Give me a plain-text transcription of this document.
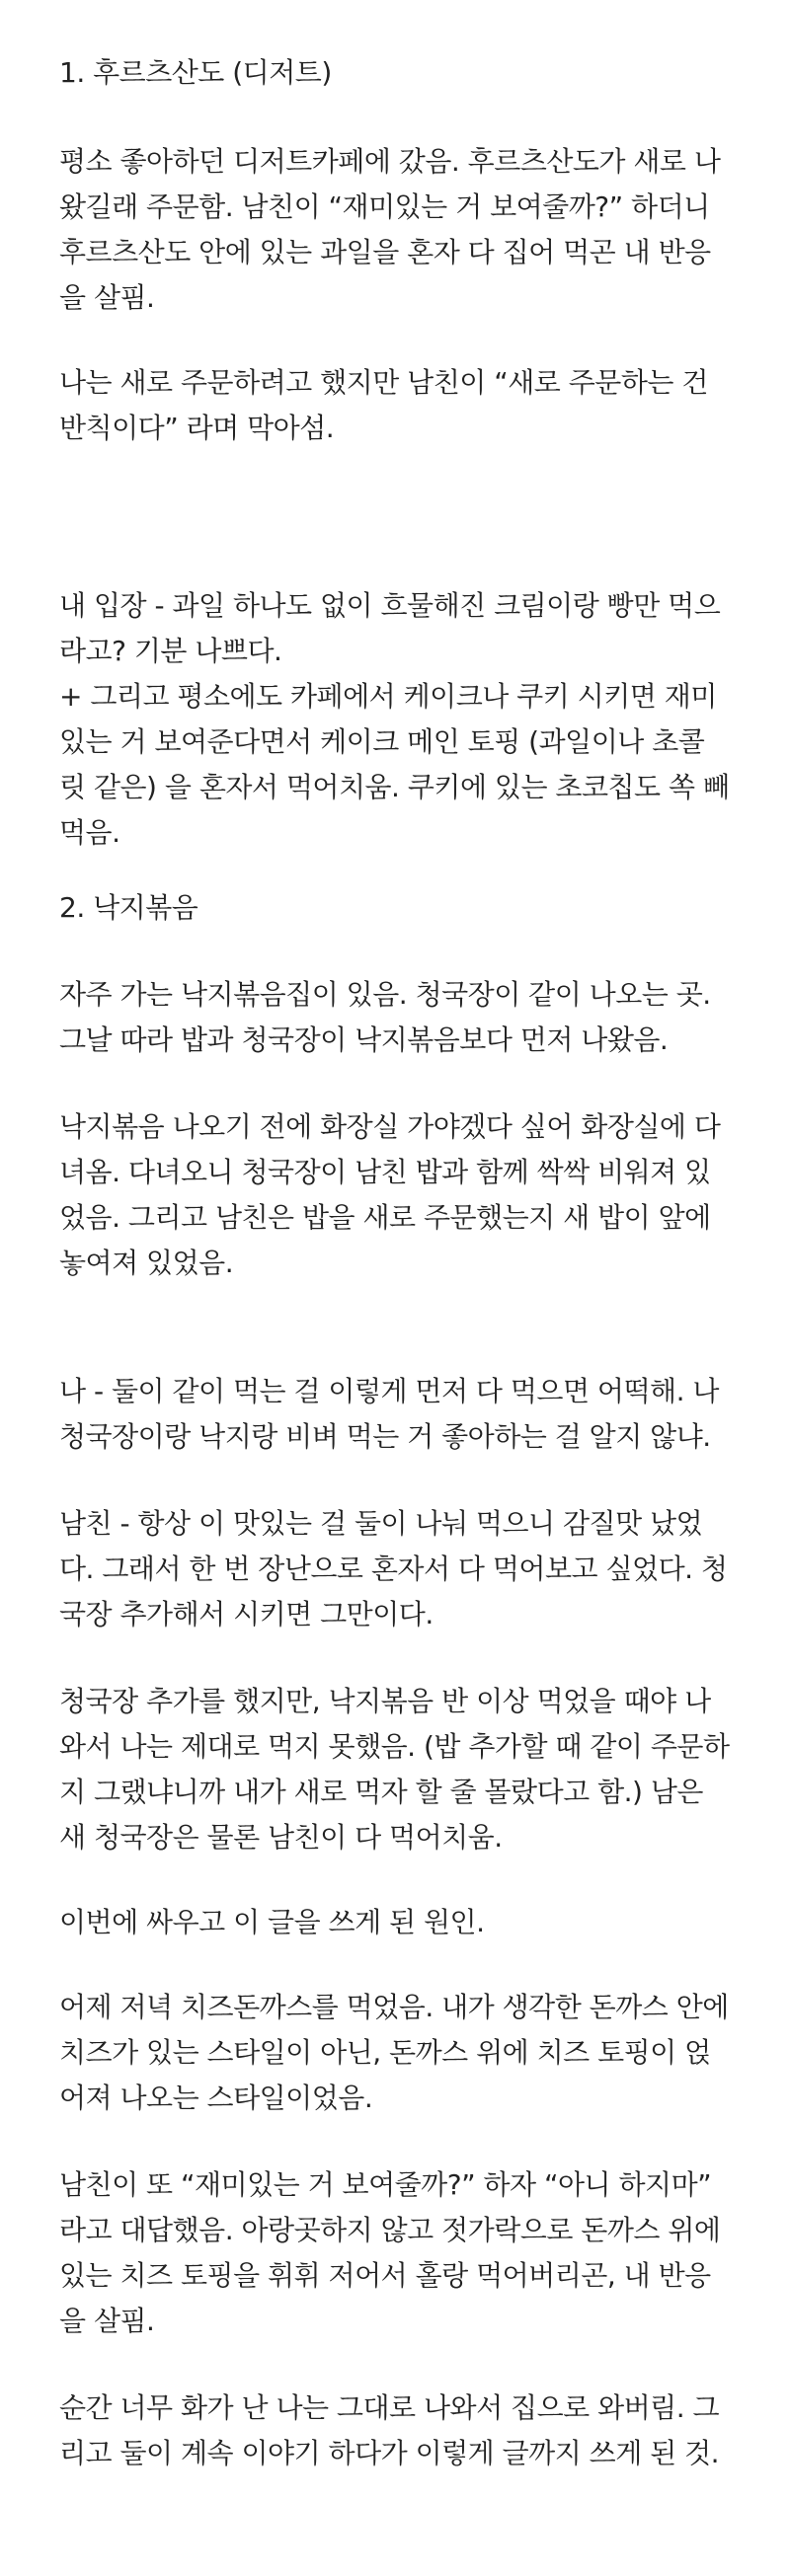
1. 후르츠산도 (디저트)
평소 좋아하던 디저트카페에 갔음. 후르츠산도가 새로 나
왔길래 주문함. 남친이 “재미있는 거 보여줄까?” 하더니
후르츠산도 안에 있는 과일을 혼자 다 집어 먹곤 내 반응
을 살핌.
나는 새로 주문하려고 했지만 남친이 “새로 주문하는 건
반칙이다” 라며 막아섬.
내 입장 - 과일 하나도 없이 흐물해진 크림이랑 빵만 먹으
라고? 기분 나쁘다.
+ 그리고 평소에도 카페에서 케이크나 쿠키 시키면 재미
있는 거 보여준다면서 케이크 메인 토핑 (과일이나 초콜
릿 같은) 을 혼자서 먹어치움. 쿠키에 있는 초코칩도 쏙 빼
먹음.
2. 낙지볶음
자주 가는 낙지볶음집이 있음. 청국장이 같이 나오는 곳.
그날 따라 밥과 청국장이 낙지볶음보다 먼저 나왔음.
낙지볶음 나오기 전에 화장실 가야겠다 싶어 화장실에 다
녀옴. 다녀오니 청국장이 남친 밥과 함께 싹싹 비워져 있
었음. 그리고 남친은 밥을 새로 주문했는지 새 밥이 앞에
놓여져 있었음.
나 - 둘이 같이 먹는 걸 이렇게 먼저 다 먹으면 어떡해. 나
청국장이랑 낙지랑 비벼 먹는 거 좋아하는 걸 알지 않냐.
남친 - 항상 이 맛있는 걸 둘이 나눠 먹으니 감질맛 났었
다. 그래서 한 번 장난으로 혼자서 다 먹어보고 싶었다. 청
국장 추가해서 시키면 그만이다.
청국장 추가를 했지만, 낙지볶음 반 이상 먹었을 때야 나
와서 나는 제대로 먹지 못했음. (밥 추가할 때 같이 주문하
지 그랬냐니까 내가 새로 먹자 할 줄 몰랐다고 함.) 남은
새 청국장은 물론 남친이 다 먹어치움.
이번에 싸우고 이 글을 쓰게 된 원인.
어제 저녁 치즈돈까스를 먹었음. 내가 생각한 돈까스 안에
치즈가 있는 스타일이 아닌, 돈까스 위에 치즈 토핑이 얹
어져 나오는 스타일이었음.
남친이 또 “재미있는 거 보여줄까?” 하자 “아니 하지마”
라고 대답했음. 아랑곳하지 않고 젓가락으로 돈까스 위에
있는 치즈 토핑을 휘휘 저어서 홀랑 먹어버리곤, 내 반응
을 살핌.
순간 너무 화가 난 나는 그대로 나와서 집으로 와버림. 그
리고 둘이 계속 이야기 하다가 이렇게 글까지 쓰게 된 것.
